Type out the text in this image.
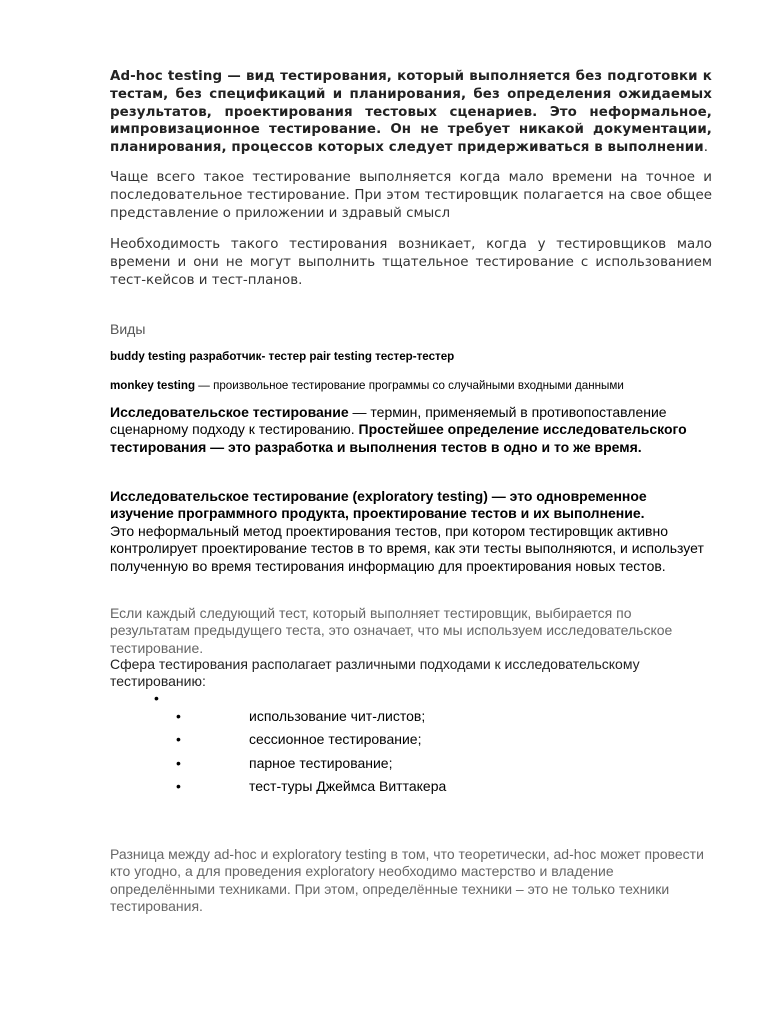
Ad-hoc testing — вид тестирования, который выполняется без подготовки к тестам, без спецификаций и планирования, без определения ожидаемых результатов, проектирования тестовых сценариев. Это неформальное, импровизационное тестирование. Он не требует никакой документации, планирования, процессов которых следует придерживаться в выполнении.

Чаще всего такое тестирование выполняется когда мало времени на точное и последовательное тестирование. При этом тестировщик полагается на свое общее представление о приложении и здравый смысл

Необходимость такого тестирования возникает, когда у тестировщиков мало времени и они не могут выполнить тщательное тестирование с использованием тест-кейсов и тест-планов.

Виды

buddy testing разработчик- тестер pair testing тестер-тестер

monkey testing — произвольное тестирование программы со случайными входными данными

Исследовательское тестирование — термин, применяемый в противопоставление сценарному подходу к тестированию. Простейшее определение исследовательского тестирования — это разработка и выполнения тестов в одно и то же время.

Исследовательское тестирование (exploratory testing) — это одновременное изучение программного продукта, проектирование тестов и их выполнение.
Это неформальный метод проектирования тестов, при котором тестировщик активно контролирует проектирование тестов в то время, как эти тесты выполняются, и использует полученную во время тестирования информацию для проектирования новых тестов.

Если каждый следующий тест, который выполняет тестировщик, выбирается по результатам предыдущего теста, это означает, что мы используем исследовательское тестирование.

Сфера тестирования располагает различными подходами к исследовательскому тестированию:

•
•	использование чит-листов;
•	сессионное тестирование;
•	парное тестирование;
•	тест-туры Джеймса Виттакера

Разница между ad-hoc и exploratory testing в том, что теоретически, ad-hoc может провести кто угодно, а для проведения exploratory необходимо мастерство и владение определёнными техниками. При этом, определённые техники – это не только техники тестирования.
